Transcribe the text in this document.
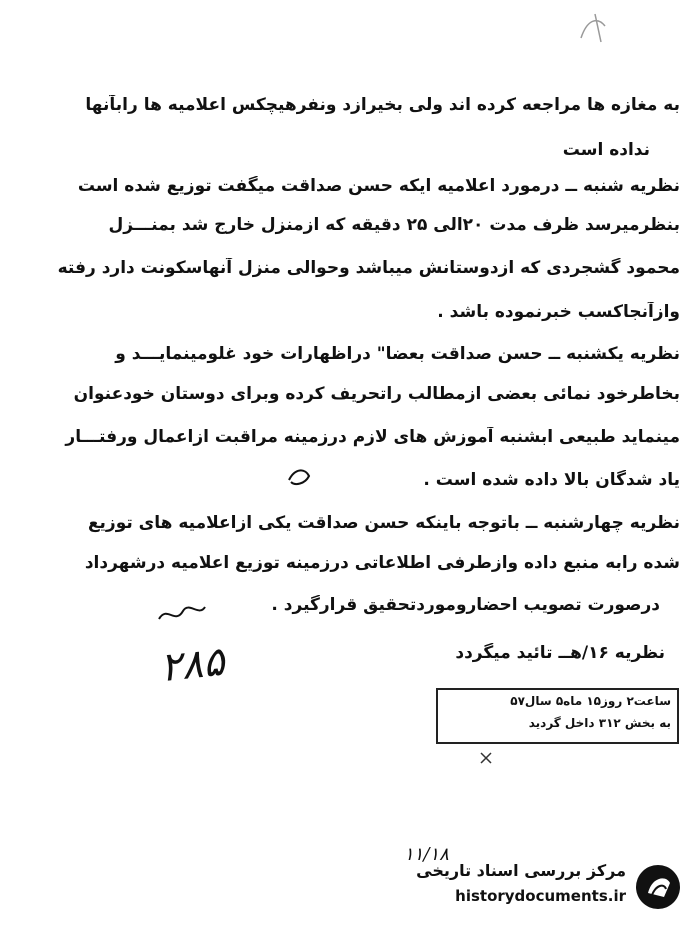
به مغازه ها مراجعه کرده اند ولی بخیرازد ونفرهیچکس اعلامیه ها رابآنها
نداده است
نظریه شنبه ــ درمورد اعلامیه ایکه حسن صداقت میگفت توزیع شده است
بنظرمیرسد ظرف مدت ۲۰الی ۲۵ دقیقه که ازمنزل خارج شد بمنـــزل
محمود گشجردی که ازدوستانش میباشد وحوالی منزل آنهاسکونت دارد رفته
وازآنجاکسب خبرنموده باشد .
نظریه یکشنبه ــ حسن صداقت بعضا" دراظهارات خود غلومینمایـــد و
بخاطرخود نمائی بعضی ازمطالب راتحریف کرده وبرای دوستان خودعنوان
مینماید طبیعی ابشنبه آموزش های لازم درزمینه مراقبت ازاعمال ورفتـــار
یاد شدگان بالا داده شده است .
نظریه چهارشنبه ــ باتوجه باینکه حسن صداقت یکی ازاعلامیه های توزیع
شده رابه منبع داده وازطرفی اطلاعاتی درزمینه توزیع اعلامیه درشهرداد
درصورت تصویب احضاروموردتحقیق قرارگیرد .
نظریه ۱۶/هــ تائید میگردد
۲۸۵
ساعت۲ روز۱۵ ماه۵ سال۵۷
به بخش ۳۱۲ داخل گردید
۱۱/۱۸
مرکز بررسی اسناد تاریخی
historydocuments.ir
